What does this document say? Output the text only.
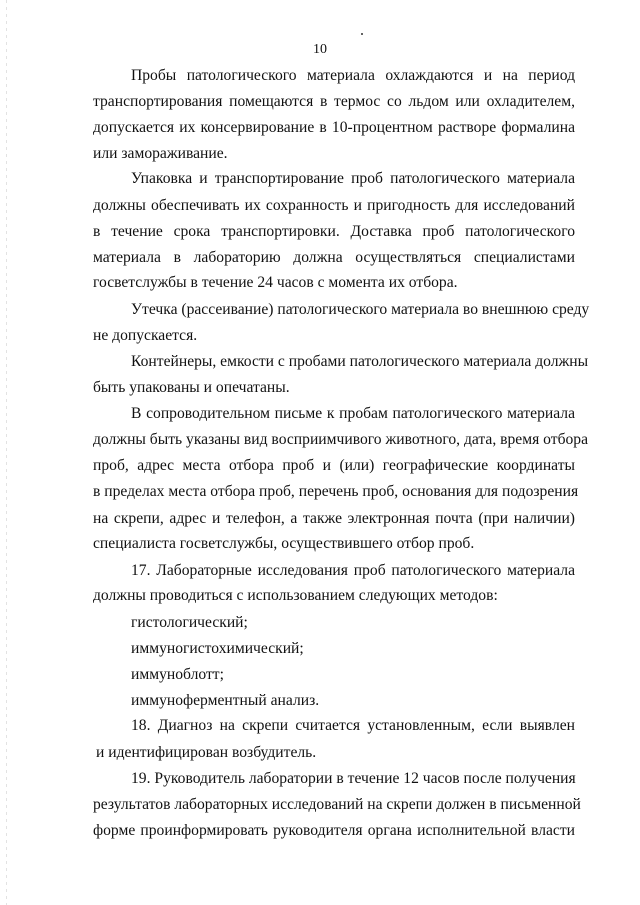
10
Пробы патологического материала охлаждаются и на период
транспортирования помещаются в термос со льдом или охладителем,
допускается их консервирование в 10-процентном растворе формалина
или замораживание.
Упаковка и транспортирование проб патологического материала
должны обеспечивать их сохранность и пригодность для исследований
в течение срока транспортировки. Доставка проб патологического
материала в лабораторию должна осуществляться специалистами
госветслужбы в течение 24 часов с момента их отбора.
Утечка (рассеивание) патологического материала во внешнюю среду
не допускается.
Контейнеры, емкости с пробами патологического материала должны
быть упакованы и опечатаны.
В сопроводительном письме к пробам патологического материала
должны быть указаны вид восприимчивого животного, дата, время отбора
проб, адрес места отбора проб и (или) географические координаты
в пределах места отбора проб, перечень проб, основания для подозрения
на скрепи, адрес и телефон, а также электронная почта (при наличии)
специалиста госветслужбы, осуществившего отбор проб.
17. Лабораторные исследования проб патологического материала
должны проводиться с использованием следующих методов:
гистологический;
иммуногистохимический;
иммуноблотт;
иммуноферментный анализ.
18. Диагноз на скрепи считается установленным, если выявлен
и идентифицирован возбудитель.
19. Руководитель лаборатории в течение 12 часов после получения
результатов лабораторных исследований на скрепи должен в письменной
форме проинформировать руководителя органа исполнительной власти
